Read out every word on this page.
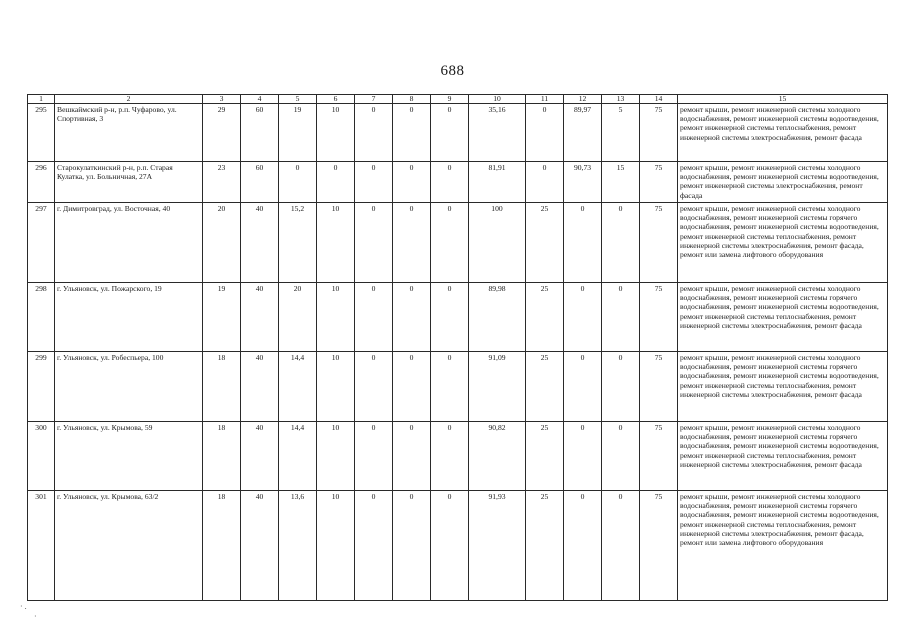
688
1	2	3	4	5	6	7	8	9	10	11	12	13	14	15
295	Вешкаймский р-н, р.п. Чуфарово, ул. Спортивная, 3	29	60	19	10	0	0	0	35,16	0	89,97	5	75	ремонт крыши, ремонт инженерной системы холодного водоснабжения, ремонт инженерной системы водоотведения, ремонт инженерной системы теплоснабжения, ремонт инженерной системы электроснабжения, ремонт фасада
296	Старокулаткинский р-н, р.п. Старая Кулатка, ул. Больничная, 27А	23	60	0	0	0	0	0	81,91	0	90,73	15	75	ремонт крыши, ремонт инженерной системы холодного водоснабжения, ремонт инженерной системы водоотведения, ремонт инженерной системы электроснабжения, ремонт фасада
297	г. Димитровград, ул. Восточная, 40	20	40	15,2	10	0	0	0	100	25	0	0	75	ремонт крыши, ремонт инженерной системы холодного водоснабжения, ремонт инженерной системы горячего водоснабжения, ремонт инженерной системы водоотведения, ремонт инженерной системы теплоснабжения, ремонт инженерной системы электроснабжения, ремонт фасада, ремонт или замена лифтового оборудования
298	г. Ульяновск, ул. Пожарского, 19	19	40	20	10	0	0	0	89,98	25	0	0	75	ремонт крыши, ремонт инженерной системы холодного водоснабжения, ремонт инженерной системы горячего водоснабжения, ремонт инженерной системы водоотведения, ремонт инженерной системы теплоснабжения, ремонт инженерной системы электроснабжения, ремонт фасада
299	г. Ульяновск, ул. Робеспьера, 100	18	40	14,4	10	0	0	0	91,09	25	0	0	75	ремонт крыши, ремонт инженерной системы холодного водоснабжения, ремонт инженерной системы горячего водоснабжения, ремонт инженерной системы водоотведения, ремонт инженерной системы теплоснабжения, ремонт инженерной системы электроснабжения, ремонт фасада
300	г. Ульяновск, ул. Крымова, 59	18	40	14,4	10	0	0	0	90,82	25	0	0	75	ремонт крыши, ремонт инженерной системы холодного водоснабжения, ремонт инженерной системы горячего водоснабжения, ремонт инженерной системы водоотведения, ремонт инженерной системы теплоснабжения, ремонт инженерной системы электроснабжения, ремонт фасада
301	г. Ульяновск, ул. Крымова, 63/2	18	40	13,6	10	0	0	0	91,93	25	0	0	75	ремонт крыши, ремонт инженерной системы холодного водоснабжения, ремонт инженерной системы горячего водоснабжения, ремонт инженерной системы водоотведения, ремонт инженерной системы теплоснабжения, ремонт инженерной системы электроснабжения, ремонт фасада, ремонт или замена лифтового оборудования
· .
·
